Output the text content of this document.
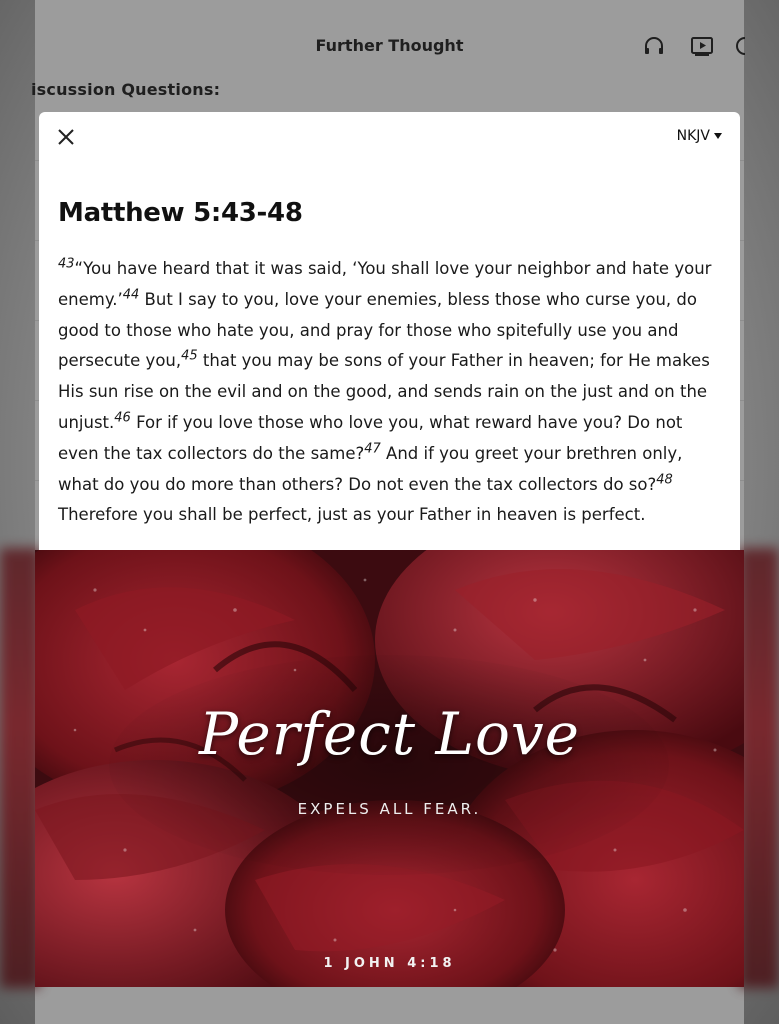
Further Thought
iscussion Questions:
NKJV
Matthew 5:43-48
$^{43}$“You have heard that it was said, ‘You shall love your neighbor and hate your enemy.’$^{44}$ But I say to you, love your enemies, bless those who curse you, do good to those who hate you, and pray for those who spitefully use you and persecute you,$^{45}$ that you may be sons of your Father in heaven; for He makes His sun rise on the evil and on the good, and sends rain on the just and on the unjust.$^{46}$ For if you love those who love you, what reward have you? Do not even the tax collectors do the same?$^{47}$ And if you greet your brethren only, what do you do more than others? Do not even the tax collectors do so?$^{48}$ Therefore you shall be perfect, just as your Father in heaven is perfect.
Perfect Love
EXPELS ALL FEAR.
1 JOHN 4:18
